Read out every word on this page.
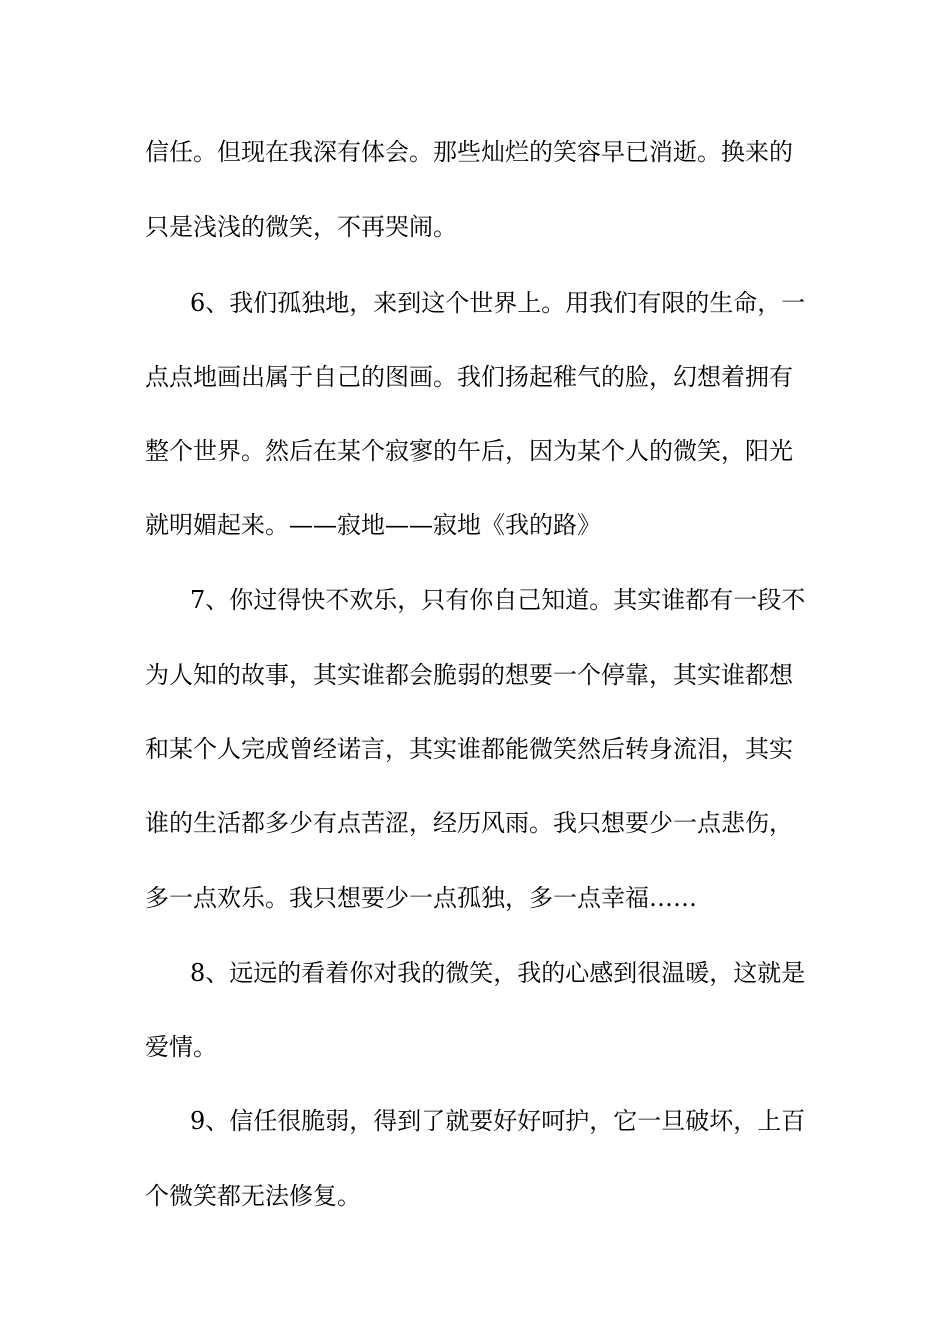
信任。但现在我深有体会。那些灿烂的笑容早已消逝。换来的
只是浅浅的微笑，不再哭闹。
6、我们孤独地，来到这个世界上。用我们有限的生命，一
点点地画出属于自己的图画。我们扬起稚气的脸，幻想着拥有
整个世界。然后在某个寂寥的午后，因为某个人的微笑，阳光
就明媚起来。——寂地——寂地《我的路》
7、你过得快不欢乐，只有你自己知道。其实谁都有一段不
为人知的故事，其实谁都会脆弱的想要一个停靠，其实谁都想
和某个人完成曾经诺言，其实谁都能微笑然后转身流泪，其实
谁的生活都多少有点苦涩，经历风雨。我只想要少一点悲伤，
多一点欢乐。我只想要少一点孤独，多一点幸福……
8、远远的看着你对我的微笑，我的心感到很温暖，这就是
爱情。
9、信任很脆弱，得到了就要好好呵护，它一旦破坏，上百
个微笑都无法修复。
